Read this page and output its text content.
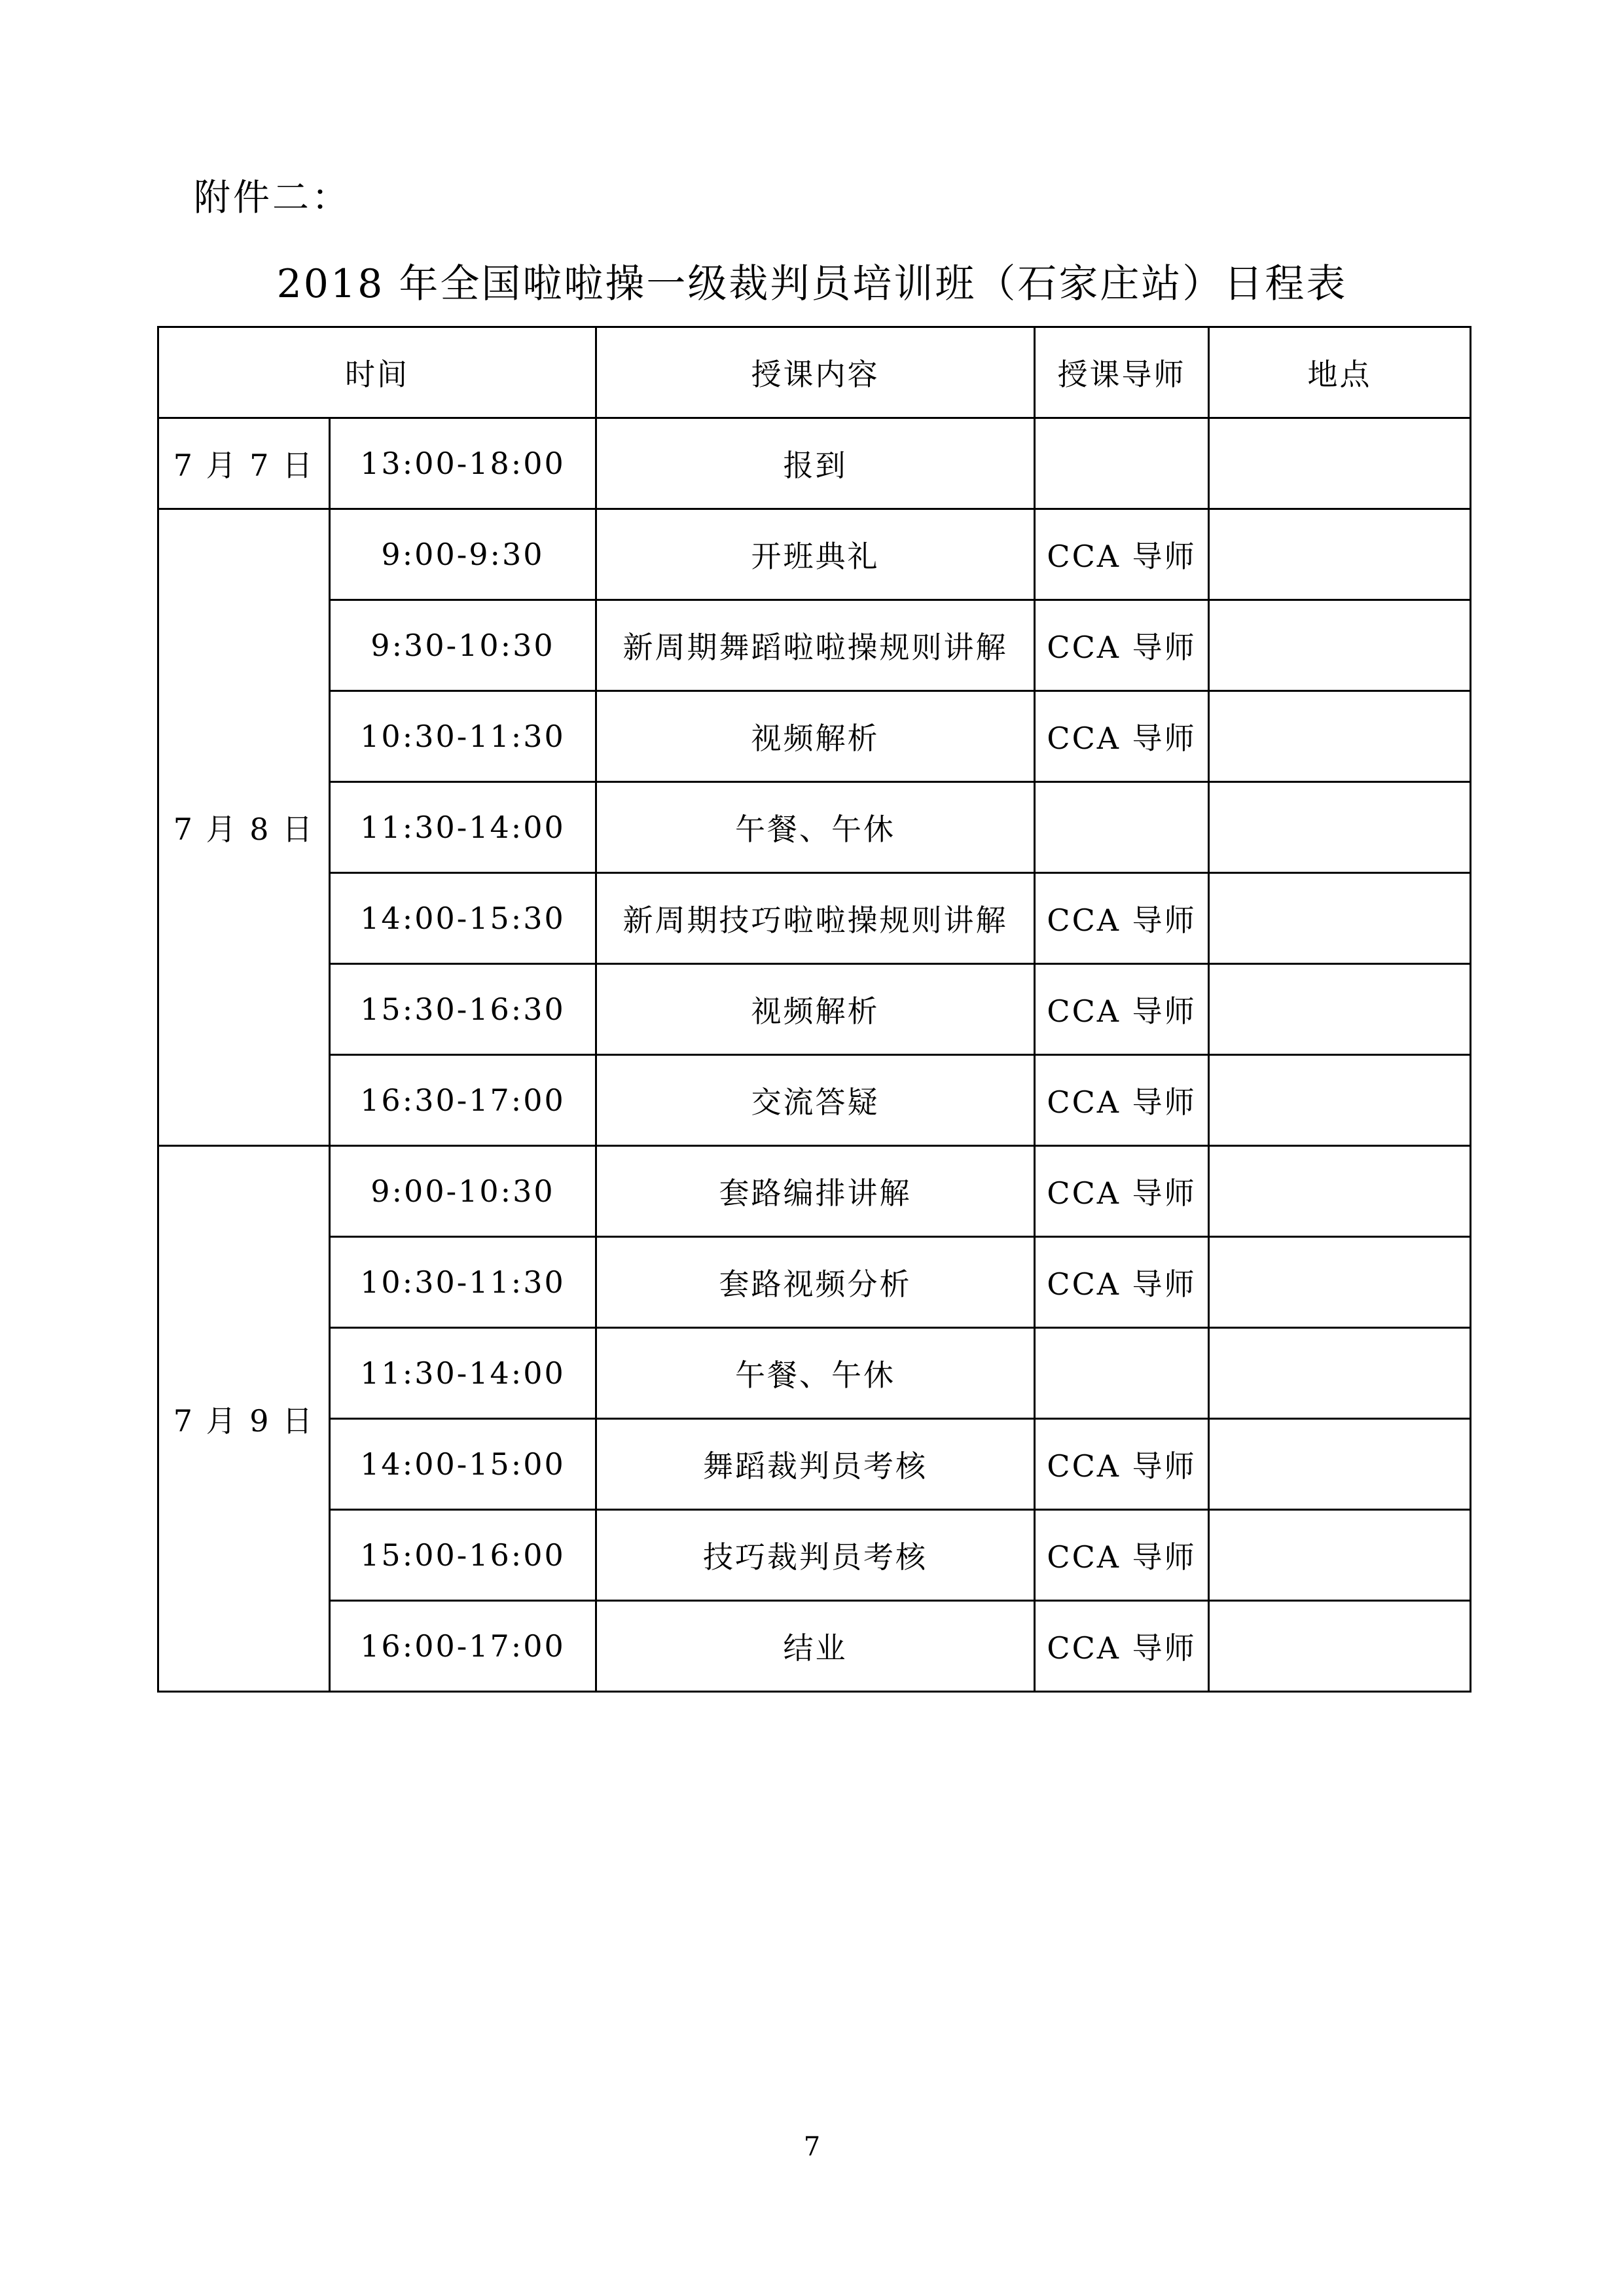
附件二：
2018 年全国啦啦操一级裁判员培训班（石家庄站）日程表
时间		授课内容	授课导师	地点
7 月 7 日	13:00-18:00	报到		
7 月 8 日	9:00-9:30	开班典礼	CCA 导师	
	9:30-10:30	新周期舞蹈啦啦操规则讲解	CCA 导师	
	10:30-11:30	视频解析	CCA 导师	
	11:30-14:00	午餐、午休		
	14:00-15:30	新周期技巧啦啦操规则讲解	CCA 导师	
	15:30-16:30	视频解析	CCA 导师	
	16:30-17:00	交流答疑	CCA 导师	
7 月 9 日	9:00-10:30	套路编排讲解	CCA 导师	
	10:30-11:30	套路视频分析	CCA 导师	
	11:30-14:00	午餐、午休		
	14:00-15:00	舞蹈裁判员考核	CCA 导师	
	15:00-16:00	技巧裁判员考核	CCA 导师	
	16:00-17:00	结业	CCA 导师	
7
